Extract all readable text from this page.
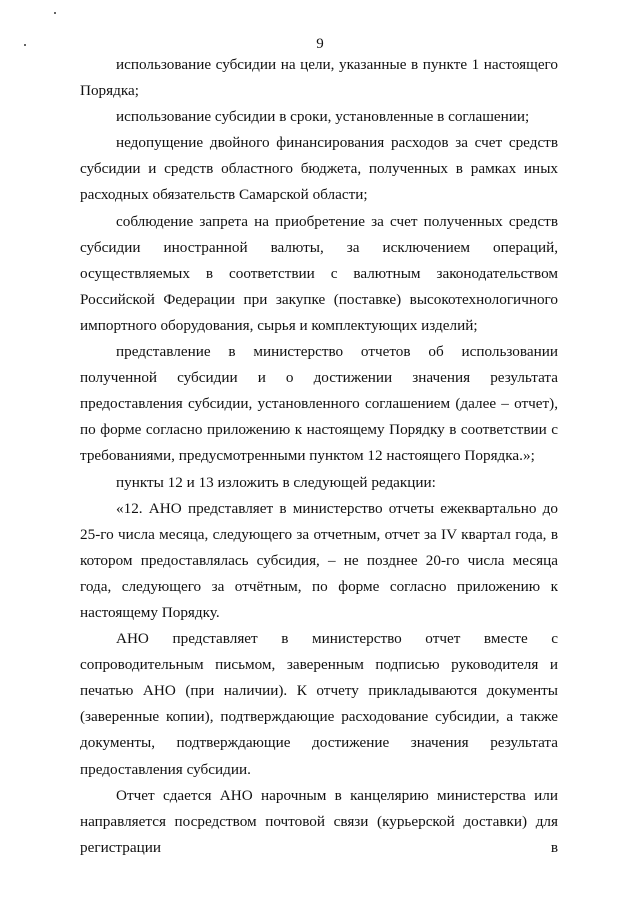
9

использование субсидии на цели, указанные в пункте 1 настоящего Порядка;

использование субсидии в сроки, установленные в соглашении;

недопущение двойного финансирования расходов за счет средств субсидии и средств областного бюджета, полученных в рамках иных расходных обязательств Самарской области;

соблюдение запрета на приобретение за счет полученных средств субсидии иностранной валюты, за исключением операций, осуществляемых в соответствии с валютным законодательством Российской Федерации при закупке (поставке) высокотехнологичного импортного оборудования, сырья и комплектующих изделий;

представление в министерство отчетов об использовании полученной субсидии и о достижении значения результата предоставления субсидии, установленного соглашением (далее – отчет), по форме согласно приложению к настоящему Порядку в соответствии с требованиями, предусмотренными пунктом 12 настоящего Порядка.»;

пункты 12 и 13 изложить в следующей редакции:

«12. АНО представляет в министерство отчеты ежеквартально до 25-го числа месяца, следующего за отчетным, отчет за IV квартал года, в котором предоставлялась субсидия, – не позднее 20-го числа месяца года, следующего за отчётным, по форме согласно приложению к настоящему Порядку.

АНО представляет в министерство отчет вместе с сопроводительным письмом, заверенным подписью руководителя и печатью АНО (при наличии). К отчету прикладываются документы (заверенные копии), подтверждающие расходование субсидии, а также документы, подтверждающие достижение значения результата предоставления субсидии.

Отчет сдается АНО нарочным в канцелярию министерства или направляется посредством почтовой связи (курьерской доставки) для регистрации в
